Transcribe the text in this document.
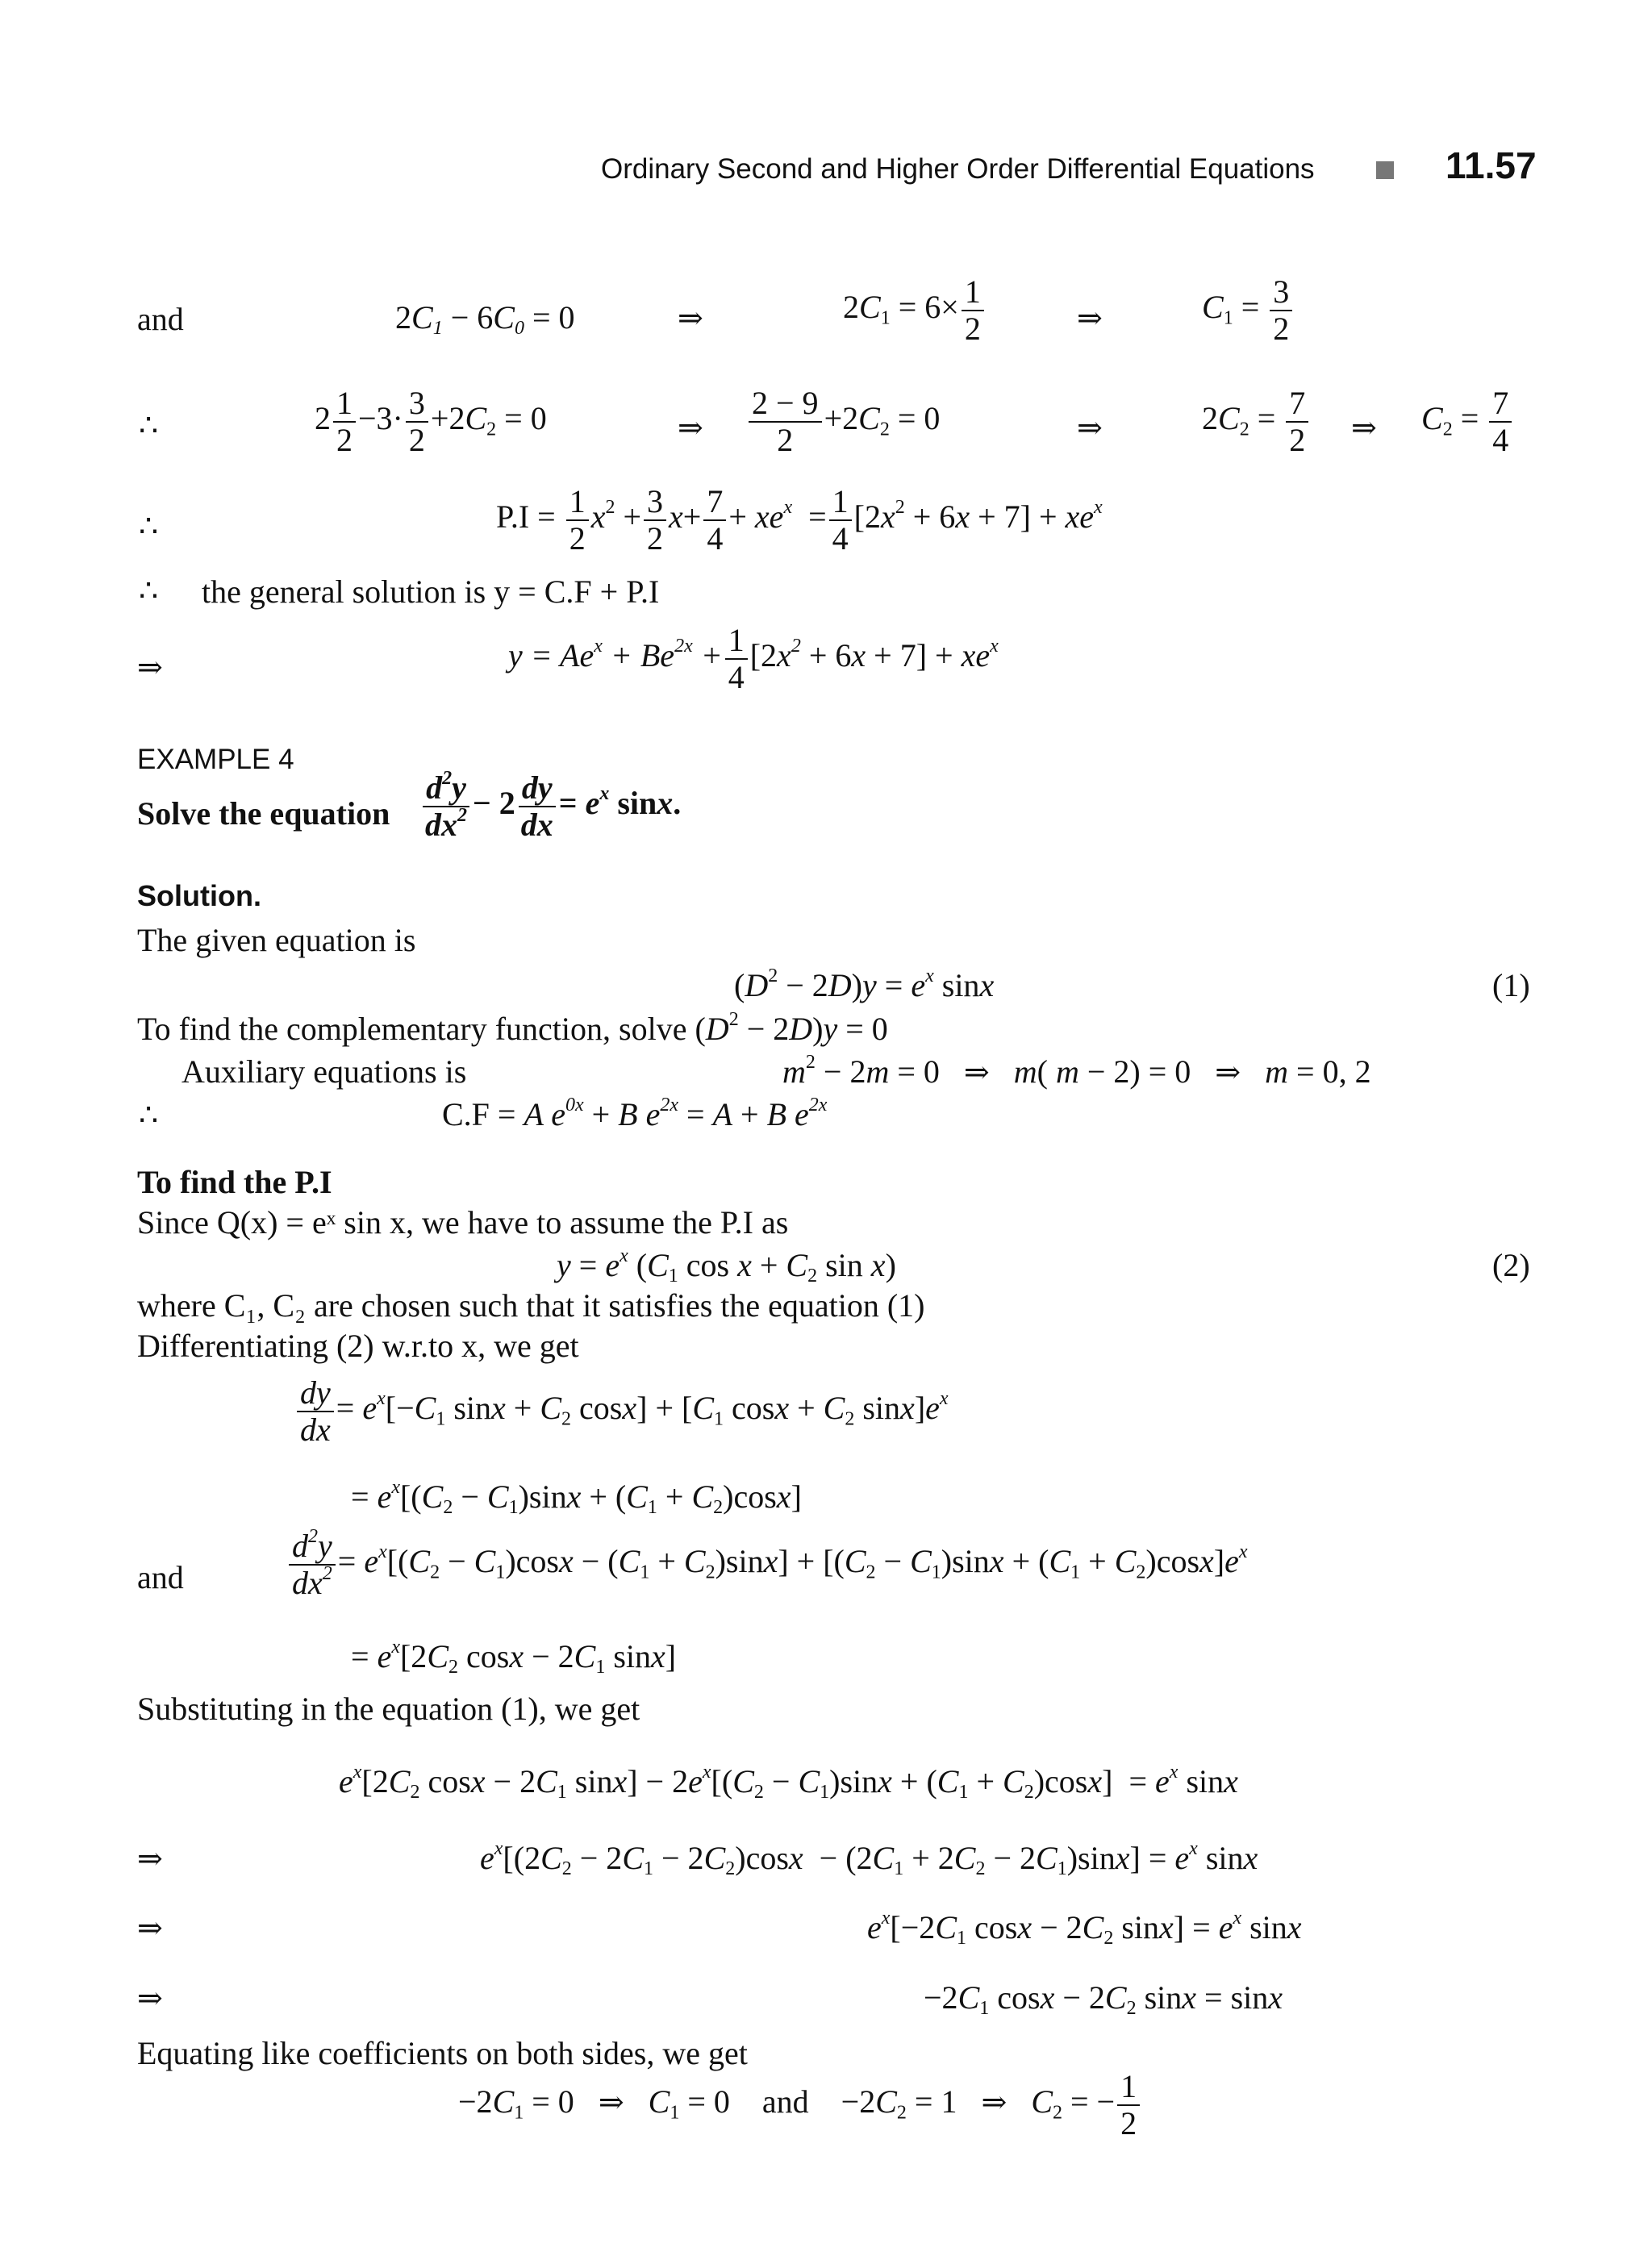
Ordinary Second and Higher Order Differential Equations	11.57
and	$2C_1 - 6C_0 = 0$	⇒	$2C_1 = 6\times \frac{1}{2}$	⇒	$C_1 = \frac{3}{2}$
∴	$2 \frac{1}{2} -3\cdot \frac{3}{2} +2C_2 = 0$	⇒ $\frac{2 - 9}{2} +2C_2 = 0$	⇒	$2C_2 = \frac{7}{2}$ ⇒ $C_2 = \frac{7}{4}$
∴	$P.I = \frac{1}{2} x^2 + \frac{3}{2} x+ \frac{7}{4} + xe^x = \frac{1}{4} [2x^2 + 6x + 7] + xe^x$
∴ the general solution is y = C.F + P.I
⇒	$y = Ae^x + Be^{2x} + \frac{1}{4} [2x^2 + 6x + 7] + xe^x$
EXAMPLE 4
Solve the equation $\frac{d^2y}{dx^2} - 2 \frac{dy}{dx} = e^x$ sinx.
Solution.
The given equation is
$(D^2 - 2D)y = e^x$ sinx	(1)
To find the complementary function, solve $(D^2 - 2D)y = 0$
Auxiliary equations is	$m^2 - 2m = 0$   ⇒ m( m − 2) = 0   ⇒ m = 0, 2
∴	C.F = A $e^{0x} + B$ $e^{2x} = A + B$ $e^{2x}$
To find the P.I
Since Q(x) = eˣ sin x, we have to assume the P.I as
$y = e^x$ ($C_1$ $\cos x + C_2$ sin x)	(2)
where C₁, C₂ are chosen such that it satisfies the equation (1)
Differentiating (2) w.r.to x, we get
$\frac{dy}{dx} = e^x[-C_1$ $\sin x + C_2$ $\cos x] + [C_1$ $\cos x + C_2$ $\sin x]e^x$
= $e^x[(C_2 - C_1)\sin x + (C_1 + C_2)\cos x]$
and	$\frac{d^2y}{dx^2} = e^x[(C_2 - C_1)\cos x - (C_1 + C_2)\sin x] + [(C_2 - C_1)\sin x + (C_1 + C_2)\cos x]e^x$
= $e^x[2C_2$ $\cos x - 2C_1$ sinx]
Substituting in the equation (1), we get
$e^x[2C_2$ $\cos x - 2C_1$ $\sin x] - 2e^x[(C_2 - C_1)\sin x + (C_1 + C_2)\cos x] = e^x$ sinx
⇒	$e^x[(2C_2 - 2C_1 - 2C_2)\cos x - (2C_1 + 2C_2 - 2C_1)\sin x] = e^x$ sinx
⇒	$e^x[-2C_1$ $\cos x - 2C_2$ $\sin x] = e^x$ sinx
⇒	$-2C_1$ $\cos x - 2C_2$ sinx = sinx
Equating like coefficients on both sides, we get
$-2C_1 = 0$   ⇒ $C_1 = 0$    and    $-2C_2 = 1$   ⇒ $C_2$ = − $\frac{1}{2}$
